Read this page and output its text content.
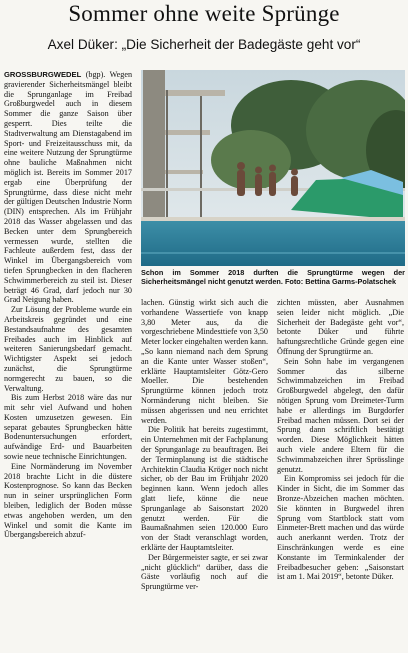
Sommer ohne weite Sprünge
Axel Düker: „Die Sicherheit der Badegäste geht vor“

GROSSBURGWEDEL (bgp). Wegen gravierender Sicherheitsmängel bleibt die Sprunganlage im Freibad Großburgwedel auch in diesem Sommer die ganze Saison über gesperrt. Dies teilte die Stadtverwaltung am Dienstagabend im Sport- und Freizeitausschuss mit, da eine weitere Nutzung der Sprungtürme ohne bauliche Maßnahmen nicht möglich ist. Bereits im Sommer 2017 ergab eine Überprüfung der Sprungtürme, dass diese nicht mehr der gültigen Deutschen Industrie Norm (DIN) entsprechen. Als im Frühjahr 2018 das Wasser abgelassen und das Becken unter dem Sprungbereich vermessen wurde, stellten die Fachleute außerdem fest, dass der Winkel im Übergangsbereich vom tiefen Sprungbecken in den flacheren Schwimmerbereich zu steil ist. Dieser beträgt 46 Grad, darf jedoch nur 30 Grad Neigung haben.

Zur Lösung der Probleme wurde ein Arbeitskreis gegründet und eine Bestandsaufnahme des gesamten Freibades auch im Hinblick auf weiteren Sanierungsbedarf gemacht. Wichtigster Aspekt sei jedoch zunächst, die Sprungtürme normgerecht zu bauen, so die Verwaltung.

Bis zum Herbst 2018 wäre das nur mit sehr viel Aufwand und hohen Kosten umzusetzen gewesen. Ein separat gebautes Sprungbecken hätte Bodenuntersuchungen erfordert, aufwändige Erd- und Bauarbeiten sowie neue technische Einrichtungen.

Eine Normänderung im November 2018 brachte Licht in die düstere Kostenprognose. So kann das Becken nun in seiner ursprünglichen Form bleiben, lediglich der Boden müsse etwas angehoben werden, um den Winkel und somit die Kante im Übergangsbereich abzuf-

Schon im Sommer 2018 durften die Sprungtürme wegen der Sicherheitsmängel nicht genutzt werden. Foto: Bettina Garms-Polatschek

lachen. Günstig wirkt sich auch die vorhandene Wassertiefe von knapp 3,80 Meter aus, da die vorgeschriebene Mindesttiefe von 3,50 Meter locker eingehalten werden kann. „So kann niemand nach dem Sprung an die Kante unter Wasser stoßen“, erklärte Hauptamtsleiter Götz-Gero Moeller. Die bestehenden Sprungtürme können jedoch trotz Normänderung nicht bleiben. Sie müssen abgerissen und neu errichtet werden.

Die Politik hat bereits zugestimmt, ein Unternehmen mit der Fachplanung der Sprunganlage zu beauftragen. Bei der Terminplanung ist die städtische Architektin Claudia Kröger noch nicht sicher, ob der Bau im Frühjahr 2020 beginnen kann. Wenn jedoch alles glatt liefe, könne die neue Sprunganlage ab Saisonstart 2020 genutzt werden. Für die Baumaßnahmen seien 120.000 Euro von der Stadt veranschlagt worden, erklärte der Hauptamtsleiter.

Der Bürgermeister sagte, er sei zwar „nicht glücklich“ darüber, dass die Gäste vorläufig noch auf die Sprungtürme ver-

zichten müssten, aber Ausnahmen seien leider nicht möglich. „Die Sicherheit der Badegäste geht vor“, betonte Düker und führte haftungsrechtliche Gründe gegen eine Öffnung der Sprungtürme an.

Sein Sohn habe im vergangenen Sommer das silberne Schwimmabzeichen im Freibad Großburgwedel abgelegt, den dafür nötigen Sprung vom Dreimeter-Turm habe er allerdings im Burgdorfer Freibad machen müssen. Dort sei der Sprung dann schriftlich bestätigt worden. Diese Möglichkeit hätten auch viele andere Eltern für die Schwimmabzeichen ihrer Sprösslinge genutzt.

Ein Kompromiss sei jedoch für die Kinder in Sicht, die im Sommer das Bronze-Abzeichen machen möchten. Sie könnten in Burgwedel ihren Sprung vom Startblock statt vom Einmeter-Brett machen und das würde auch anerkannt werden. Trotz der Einschränkungen werde es eine Konstante im Terminkalender der Freibadbesucher geben: „Saisonstart ist am 1. Mai 2019“, betonte Düker.
